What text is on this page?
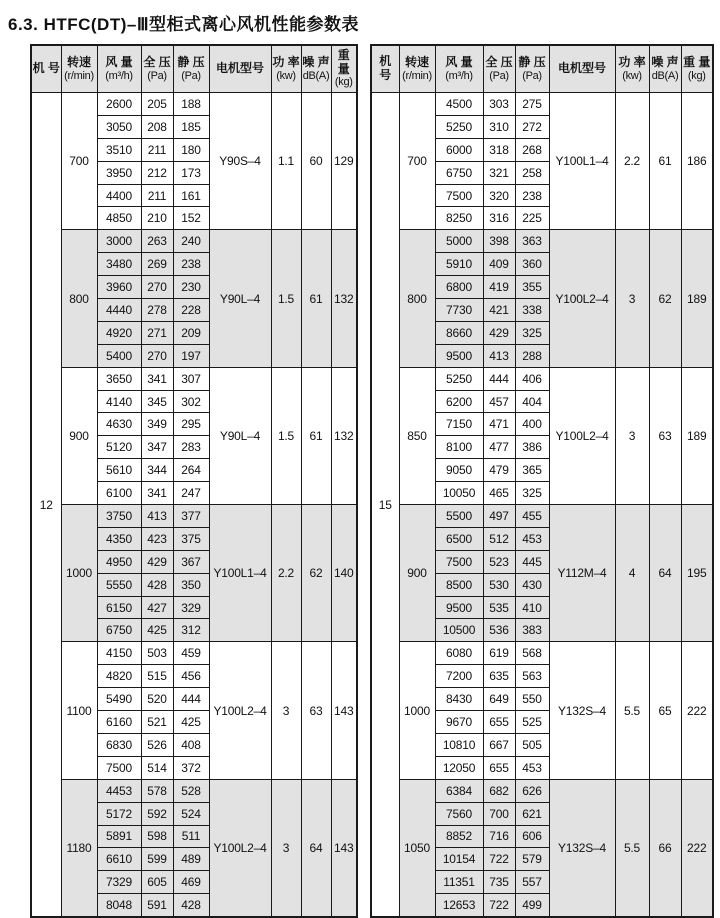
6.3. HTFC(DT)–Ⅲ型柜式离心风机性能参数表
机 号	转速
(r/min)

风 量
(m³/h)

全 压
(Pa)

静 压
(Pa)

电机型号	功 率
(kw)

噪 声
dB(A)

重 量
(kg)

12	700	2600	205	188	Y90S–4	1.1	60	129
		3050	208	185				
		3510	211	180				
		3950	212	173				
		4400	211	161				
		4850	210	152				
	800	3000	263	240	Y90L–4	1.5	61	132
		3480	269	238				
		3960	270	230				
		4440	278	228				
		4920	271	209				
		5400	270	197				
	900	3650	341	307	Y90L–4	1.5	61	132
		4140	345	302				
		4630	349	295				
		5120	347	283				
		5610	344	264				
		6100	341	247				
	1000	3750	413	377	Y100L1–4	2.2	62	140
		4350	423	375				
		4950	429	367				
		5550	428	350				
		6150	427	329				
		6750	425	312				
	1100	4150	503	459	Y100L2–4	3	63	143
		4820	515	456				
		5490	520	444				
		6160	521	425				
		6830	526	408				
		7500	514	372				
	1180	4453	578	528	Y100L2–4	3	64	143
		5172	592	524				
		5891	598	511				
		6610	599	489				
		7329	605	469				
		8048	591	428				
机 号

转速
(r/min)

风 量
(m³/h)

全 压
(Pa)

静 压
(Pa)

电机型号	功 率
(kw)

噪 声
dB(A)

重 量
(kg)

15	700	4500	303	275	Y100L1–4	2.2	61	186
		5250	310	272				
		6000	318	268				
		6750	321	258				
		7500	320	238				
		8250	316	225				
	800	5000	398	363	Y100L2–4	3	62	189
		5910	409	360				
		6800	419	355				
		7730	421	338				
		8660	429	325				
		9500	413	288				
	850	5250	444	406	Y100L2–4	3	63	189
		6200	457	404				
		7150	471	400				
		8100	477	386				
		9050	479	365				
		10050	465	325				
	900	5500	497	455	Y112M–4	4	64	195
		6500	512	453				
		7500	523	445				
		8500	530	430				
		9500	535	410				
		10500	536	383				
	1000	6080	619	568	Y132S–4	5.5	65	222
		7200	635	563				
		8430	649	550				
		9670	655	525				
		10810	667	505				
		12050	655	453				
	1050	6384	682	626	Y132S–4	5.5	66	222
		7560	700	621				
		8852	716	606				
		10154	722	579				
		11351	735	557				
		12653	722	499				
